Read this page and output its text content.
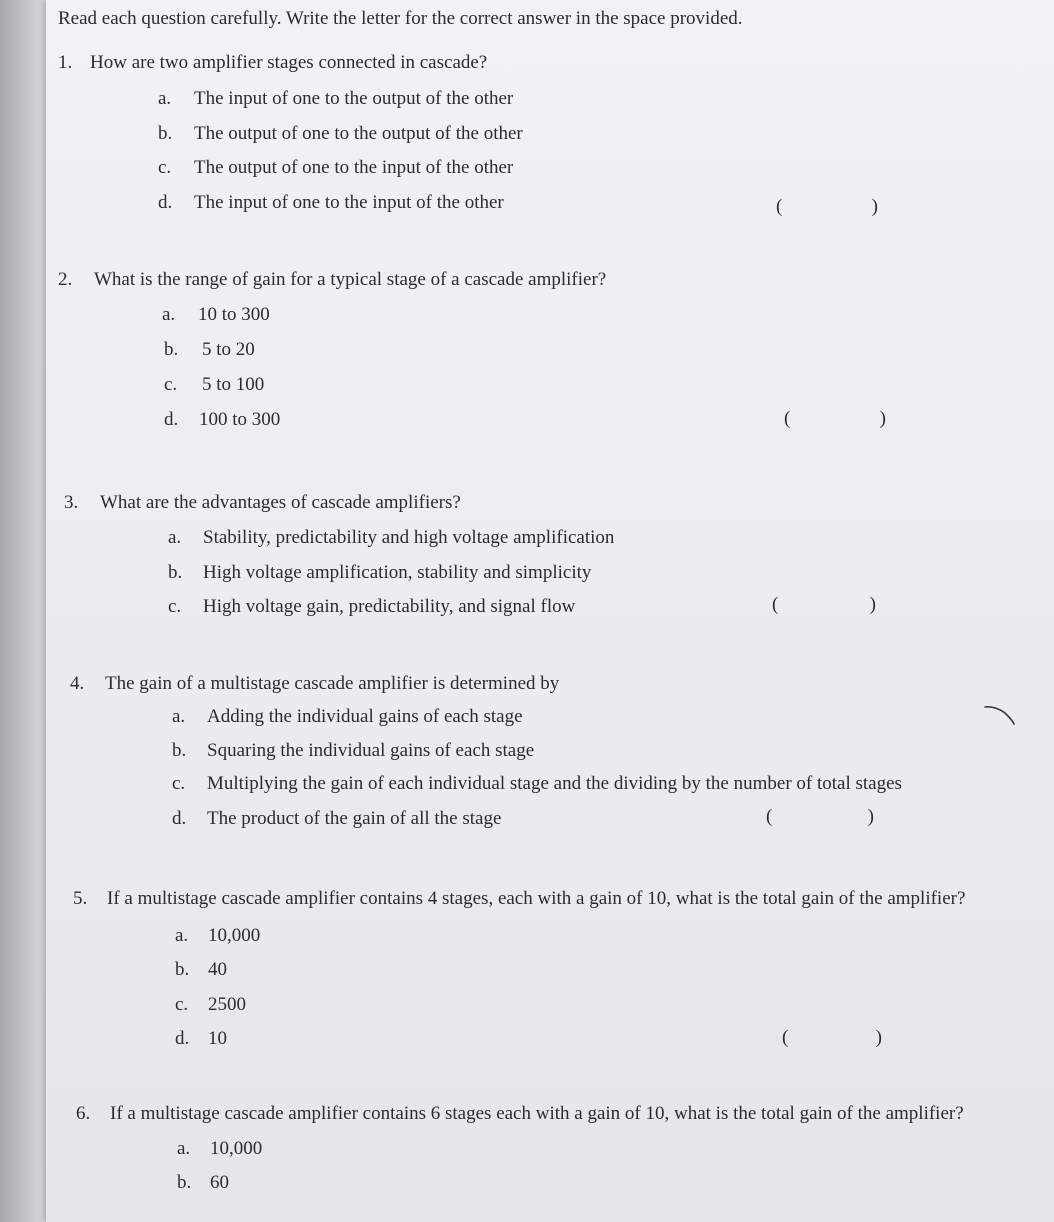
Read each question carefully. Write the letter for the correct answer in the space provided.
1. How are two amplifier stages connected in cascade?
a. The input of one to the output of the other
b. The output of one to the output of the other
c. The output of one to the input of the other
d. The input of one to the input of the other	(	)
2. What is the range of gain for a typical stage of a cascade amplifier?
a. 10 to 300
b. 5 to 20
c. 5 to 100
d. 100 to 300	(	)
3. What are the advantages of cascade amplifiers?
a. Stability, predictability and high voltage amplification
b. High voltage amplification, stability and simplicity
c. High voltage gain, predictability, and signal flow	(	)
4. The gain of a multistage cascade amplifier is determined by
a. Adding the individual gains of each stage
b. Squaring the individual gains of each stage
c. Multiplying the gain of each individual stage and the dividing by the number of total stages
d. The product of the gain of all the stage	(	)
5. If a multistage cascade amplifier contains 4 stages, each with a gain of 10, what is the total gain of the amplifier?
a. 10,000
b. 40
c. 2500
d. 10	(	)
6. If a multistage cascade amplifier contains 6 stages each with a gain of 10, what is the total gain of the amplifier?
a. 10,000
b. 60
